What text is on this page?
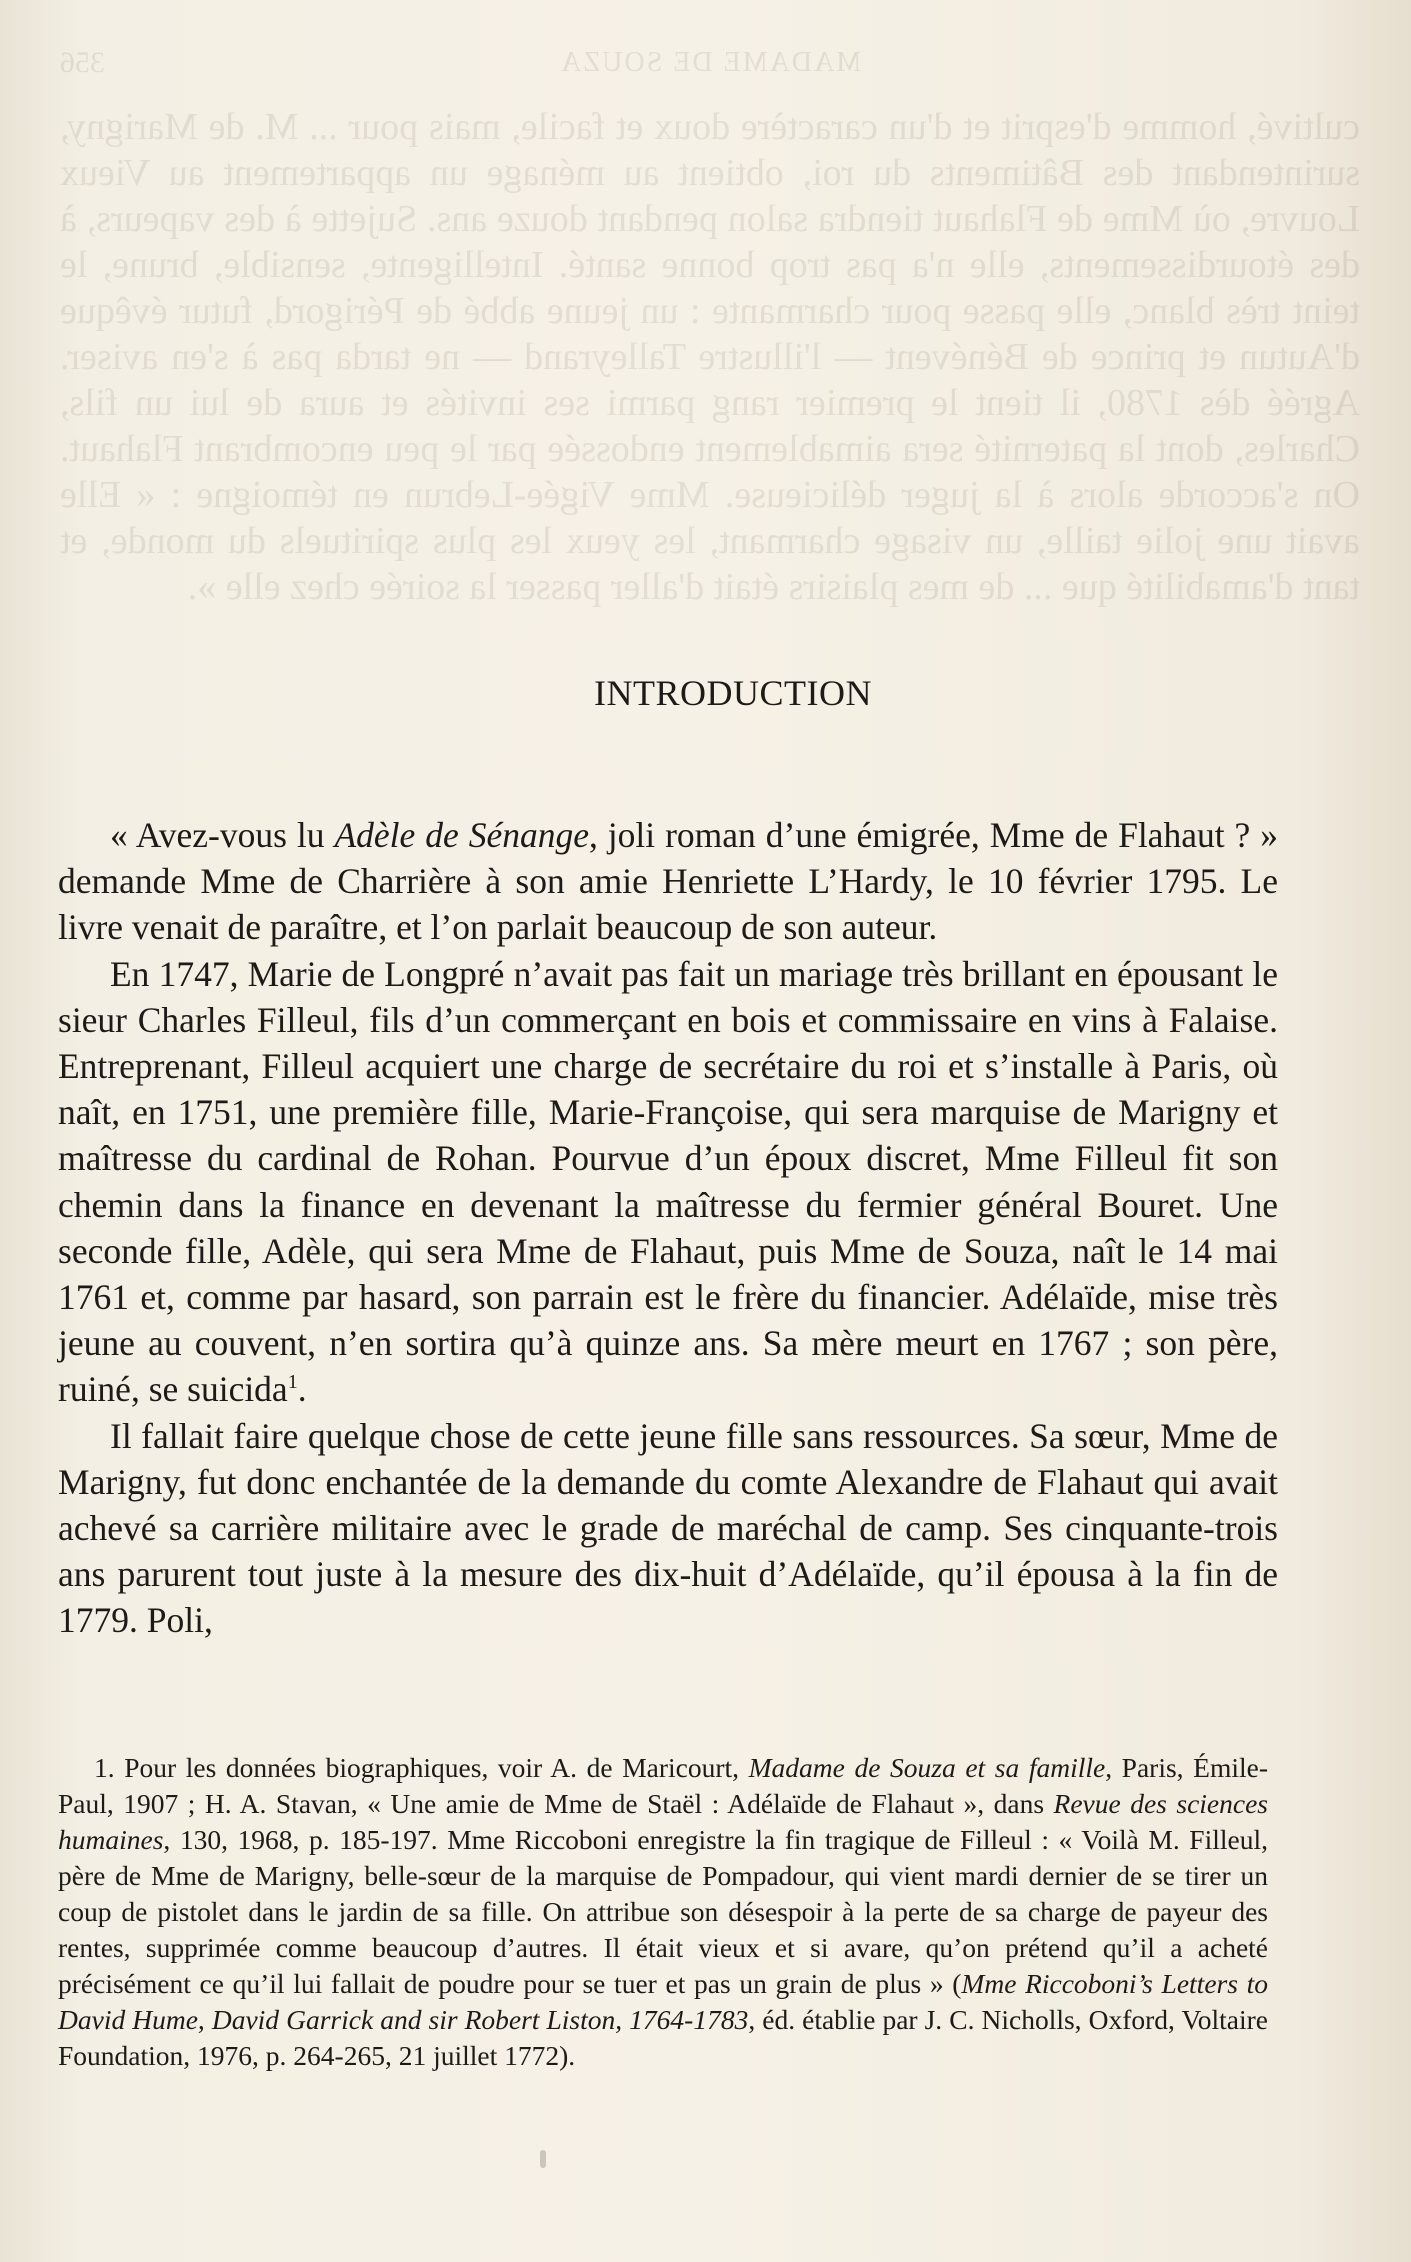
356	MADAME DE SOUZA

cultivé, homme d'esprit et d'un caractère doux et facile, mais pour ... M. de Marigny, surintendant des Bâtiments du roi, obtient au ménage un appartement au Vieux Louvre, où Mme de Flahaut tiendra salon pendant douze ans. Sujette à des vapeurs, à des étourdissements, elle n'a pas trop bonne santé. Intelligente, sensible, brune, le teint très blanc, elle passe pour charmante : un jeune abbé de Périgord, futur évêque d'Autun et prince de Bénévent — l'illustre Talleyrand — ne tarda pas à s'en aviser. Agréé dès 1780, il tient le premier rang parmi ses invités et aura de lui un fils, Charles, dont la paternité sera aimablement endossée par le peu encombrant Flahaut. On s'accorde alors à la juger délicieuse. Mme Vigée-Lebrun en témoigne : « Elle avait une jolie taille, un visage charmant, les yeux les plus spirituels du monde, et tant d'amabilité que ... de mes plaisirs était d'aller passer la soirée chez elle ».

INTRODUCTION

« Avez-vous lu Adèle de Sénange, joli roman d’une émigrée, Mme de Flahaut ? » demande Mme de Charrière à son amie Henriette L’Hardy, le 10 février 1795. Le livre venait de paraître, et l’on parlait beaucoup de son auteur.

En 1747, Marie de Longpré n’avait pas fait un mariage très brillant en épousant le sieur Charles Filleul, fils d’un commerçant en bois et commissaire en vins à Falaise. Entreprenant, Filleul acquiert une charge de secrétaire du roi et s’installe à Paris, où naît, en 1751, une première fille, Marie-Françoise, qui sera marquise de Marigny et maîtresse du cardinal de Rohan. Pourvue d’un époux discret, Mme Filleul fit son chemin dans la finance en devenant la maîtresse du fermier général Bouret. Une seconde fille, Adèle, qui sera Mme de Flahaut, puis Mme de Souza, naît le 14 mai 1761 et, comme par hasard, son parrain est le frère du financier. Adélaïde, mise très jeune au couvent, n’en sortira qu’à quinze ans. Sa mère meurt en 1767 ; son père, ruiné, se suicida$^1$.

Il fallait faire quelque chose de cette jeune fille sans ressources. Sa sœur, Mme de Marigny, fut donc enchantée de la demande du comte Alexandre de Flahaut qui avait achevé sa carrière militaire avec le grade de maréchal de camp. Ses cinquante-trois ans parurent tout juste à la mesure des dix-huit d’Adélaïde, qu’il épousa à la fin de 1779. Poli,

1. Pour les données biographiques, voir A. de Maricourt, Madame de Souza et sa famille, Paris, Émile-Paul, 1907 ; H. A. Stavan, « Une amie de Mme de Staël : Adélaïde de Flahaut », dans Revue des sciences humaines, 130, 1968, p. 185-197. Mme Riccoboni enregistre la fin tragique de Filleul : « Voilà M. Filleul, père de Mme de Marigny, belle-sœur de la marquise de Pompadour, qui vient mardi dernier de se tirer un coup de pistolet dans le jardin de sa fille. On attribue son désespoir à la perte de sa charge de payeur des rentes, supprimée comme beaucoup d’autres. Il était vieux et si avare, qu’on prétend qu’il a acheté précisément ce qu’il lui fallait de poudre pour se tuer et pas un grain de plus » (Mme Riccoboni’s Letters to David Hume, David Garrick and sir Robert Liston, 1764-1783, éd. établie par J. C. Nicholls, Oxford, Voltaire Foundation, 1976, p. 264-265, 21 juillet 1772).
